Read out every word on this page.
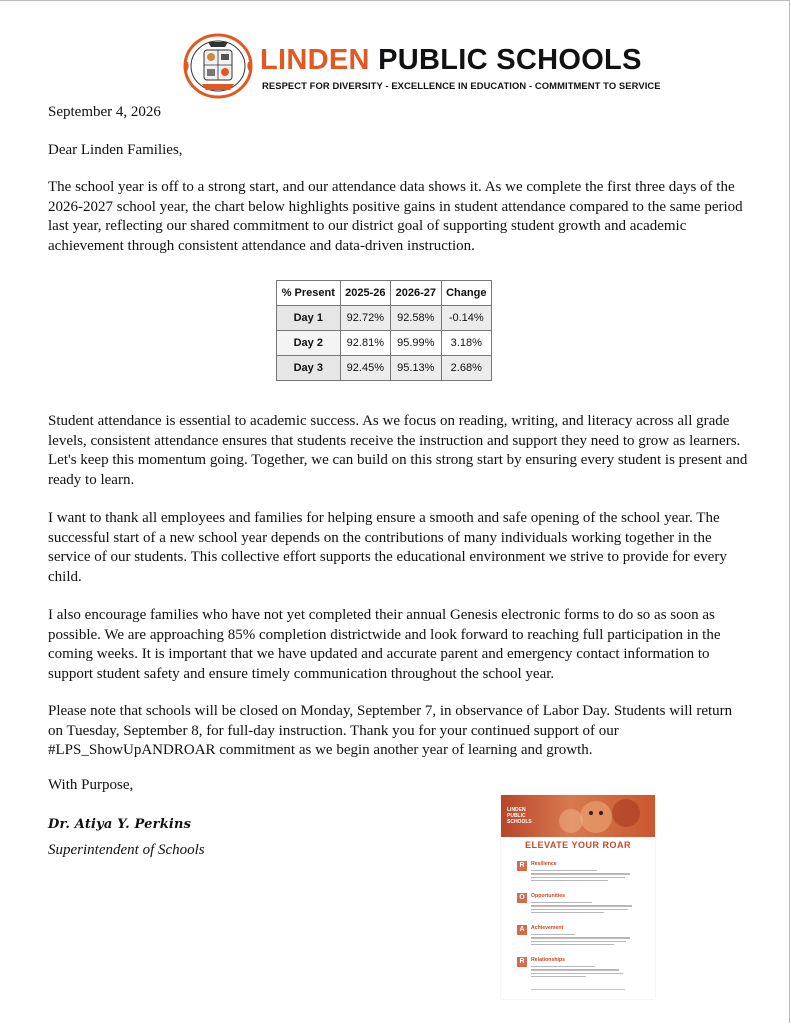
LINDEN PUBLIC SCHOOLS
RESPECT FOR DIVERSITY - EXCELLENCE IN EDUCATION - COMMITMENT TO SERVICE
September 4, 2026
Dear Linden Families,
The school year is off to a strong start, and our attendance data shows it. As we complete the first three days of the 2026-2027 school year, the chart below highlights positive gains in student attendance compared to the same period last year, reflecting our shared commitment to our district goal of supporting student growth and academic achievement through consistent attendance and data-driven instruction.
% Present	2025-26	2026-27	Change
Day 1	92.72%	92.58%	-0.14%
Day 2	92.81%	95.99%	3.18%
Day 3	92.45%	95.13%	2.68%
Student attendance is essential to academic success. As we focus on reading, writing, and literacy across all grade levels, consistent attendance ensures that students receive the instruction and support they need to grow as learners. Let's keep this momentum going. Together, we can build on this strong start by ensuring every student is present and ready to learn.
I want to thank all employees and families for helping ensure a smooth and safe opening of the school year. The successful start of a new school year depends on the contributions of many individuals working together in the service of our students. This collective effort supports the educational environment we strive to provide for every child.
I also encourage families who have not yet completed their annual Genesis electronic forms to do so as soon as possible. We are approaching 85% completion districtwide and look forward to reaching full participation in the coming weeks. It is important that we have updated and accurate parent and emergency contact information to support student safety and ensure timely communication throughout the school year.
Please note that schools will be closed on Monday, September 7, in observance of Labor Day. Students will return on Tuesday, September 8, for full-day instruction. Thank you for your continued support of our #LPS_ShowUpANDROAR commitment as we begin another year of learning and growth.
With Purpose,
Dr. Atiya Y. Perkins
Superintendent of Schools
LINDEN PUBLIC SCHOOLS
ELEVATE YOUR ROAR
R	Resilience
O	Opportunities
A	Achievement
R	Relationships
